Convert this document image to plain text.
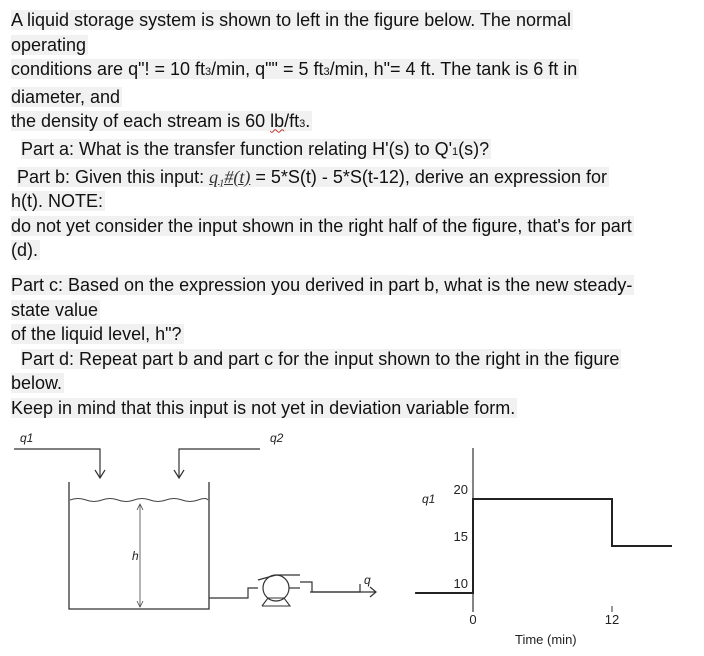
A liquid storage system is shown to left in the figure below. The normal
operating
conditions are q"! = 10 ft3/min, q"" = 5 ft3/min, h"= 4 ft. The tank is 6 ft in
diameter, and
the density of each stream is 60 lb/ft3.
Part a: What is the transfer function relating H'(s) to Q'1(s)?
Part b: Given this input: q₁#(t) = 5*S(t) - 5*S(t-12), derive an expression for
h(t). NOTE:
do not yet consider the input shown in the right half of the figure, that's for part
(d).
Part c: Based on the expression you derived in part b, what is the new steady-
state value
of the liquid level, h"?
Part d: Repeat part b and part c for the input shown to the right in the figure
below.
Keep in mind that this input is not yet in deviation variable form.
q1	q2
h
q
q1
20
15
10
0	12
Time (min)
